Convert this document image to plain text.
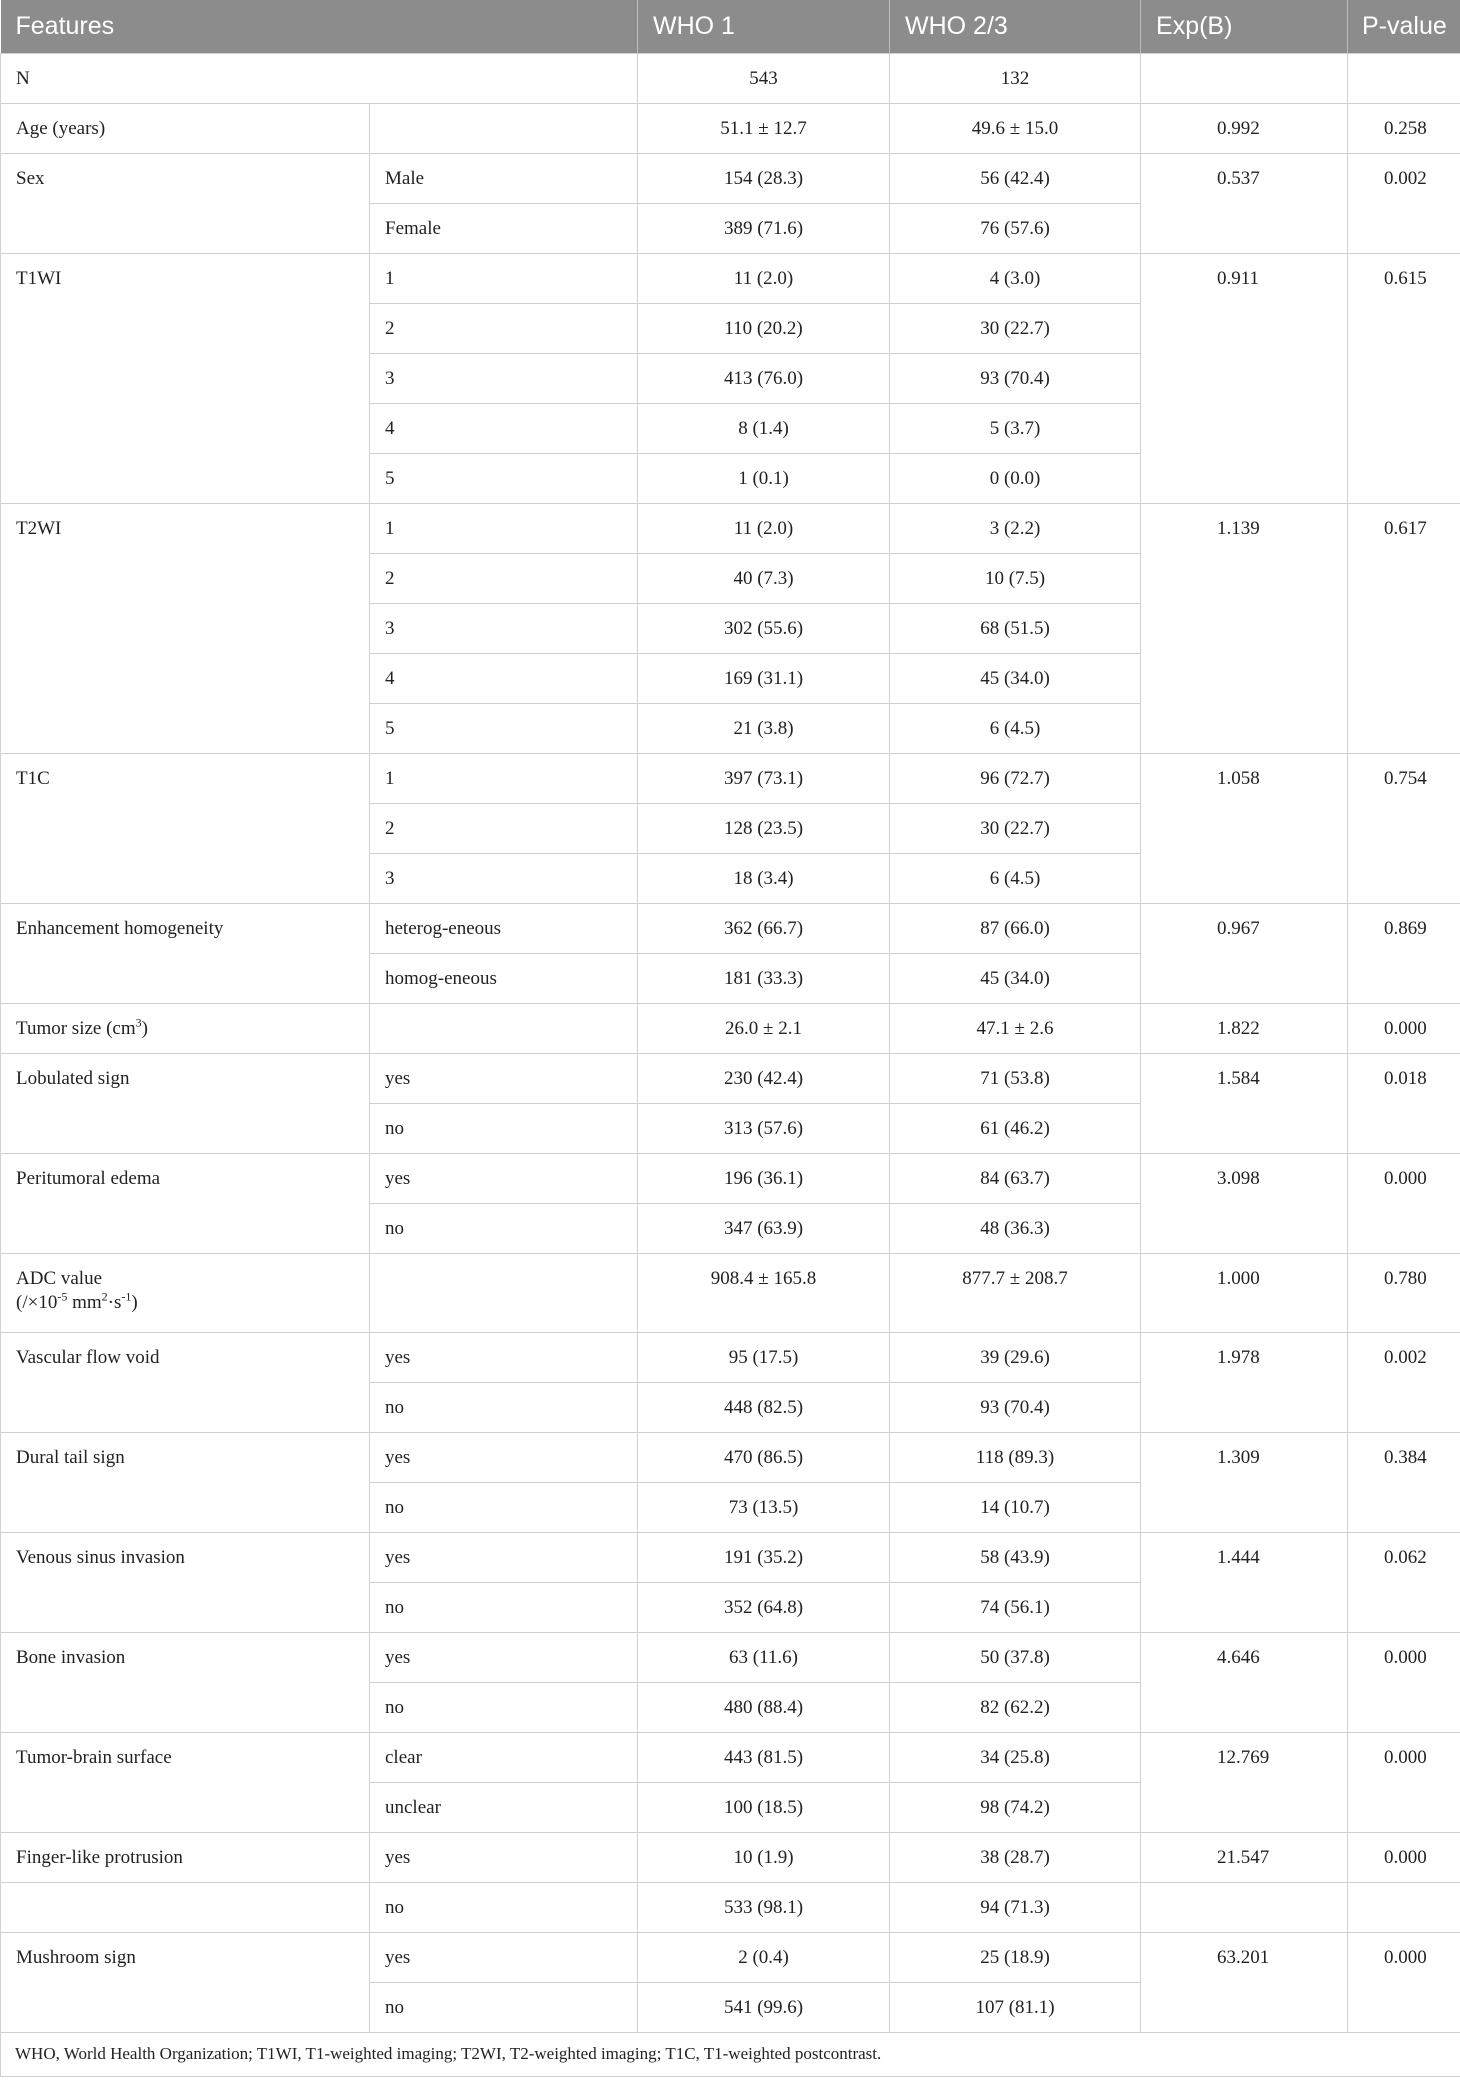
Features		WHO 1	WHO 2/3	Exp(B)	P-value
N		543	132		
Age (years)		51.1 ± 12.7	49.6 ± 15.0	0.992	0.258
Sex	Male	154 (28.3)	56 (42.4)	0.537	0.002
	Female	389 (71.6)	76 (57.6)		
T1WI	1	11 (2.0)	4 (3.0)	0.911	0.615
	2	110 (20.2)	30 (22.7)		
	3	413 (76.0)	93 (70.4)		
	4	8 (1.4)	5 (3.7)		
	5	1 (0.1)	0 (0.0)		
T2WI	1	11 (2.0)	3 (2.2)	1.139	0.617
	2	40 (7.3)	10 (7.5)		
	3	302 (55.6)	68 (51.5)		
	4	169 (31.1)	45 (34.0)		
	5	21 (3.8)	6 (4.5)		
T1C	1	397 (73.1)	96 (72.7)	1.058	0.754
	2	128 (23.5)	30 (22.7)		
	3	18 (3.4)	6 (4.5)		
Enhancement homogeneity	heterog-eneous	362 (66.7)	87 (66.0)	0.967	0.869
	homog-eneous	181 (33.3)	45 (34.0)		
Tumor size $(cm^3)$		26.0 ± 2.1	47.1 ± 2.6	1.822	0.000
Lobulated sign	yes	230 (42.4)	71 (53.8)	1.584	0.018
	no	313 (57.6)	61 (46.2)		
Peritumoral edema	yes	196 (36.1)	84 (63.7)	3.098	0.000
	no	347 (63.9)	48 (36.3)		

ADC value
($/\times 10^{-5}$ $mm^2\cdot s^{-1}$)		908.4 ± 165.8	877.7 ± 208.7	1.000	0.780
Vascular flow void	yes	95 (17.5)	39 (29.6)	1.978	0.002
	no	448 (82.5)	93 (70.4)		
Dural tail sign	yes	470 (86.5)	118 (89.3)	1.309	0.384
	no	73 (13.5)	14 (10.7)		
Venous sinus invasion	yes	191 (35.2)	58 (43.9)	1.444	0.062
	no	352 (64.8)	74 (56.1)		
Bone invasion	yes	63 (11.6)	50 (37.8)	4.646	0.000
	no	480 (88.4)	82 (62.2)		
Tumor-brain surface	clear	443 (81.5)	34 (25.8)	12.769	0.000
	unclear	100 (18.5)	98 (74.2)		
Finger-like protrusion	yes	10 (1.9)	38 (28.7)	21.547	0.000
	no	533 (98.1)	94 (71.3)		
Mushroom sign	yes	2 (0.4)	25 (18.9)	63.201	0.000
	no	541 (99.6)	107 (81.1)		
WHO, World Health Organization; T1WI, T1-weighted imaging; T2WI, T2-weighted imaging; T1C, T1-weighted postcontrast.					
